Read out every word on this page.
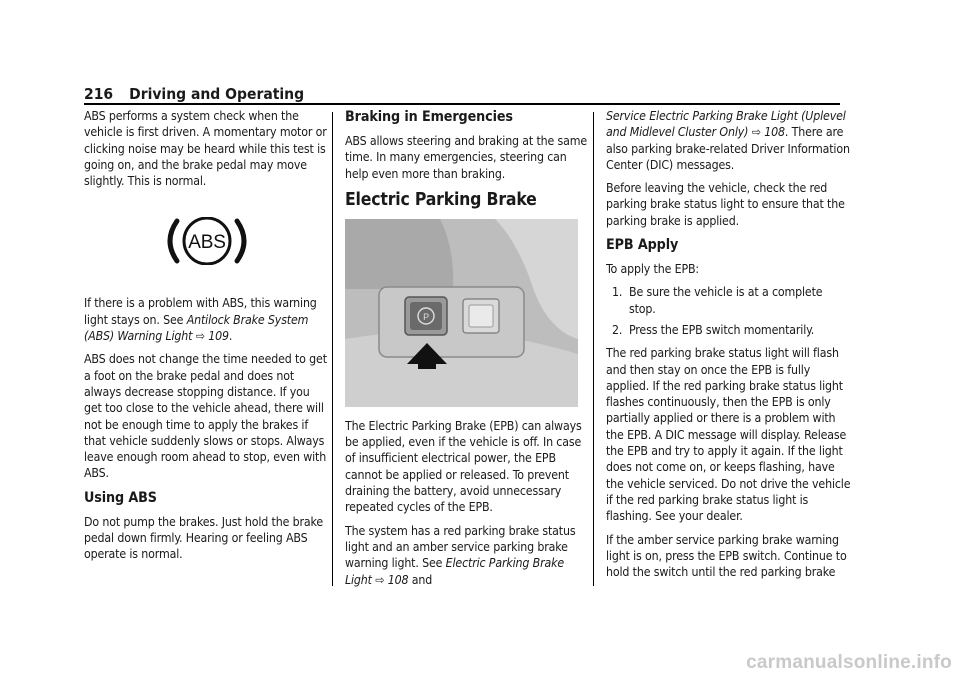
216 Driving and Operating

ABS performs a system check when the vehicle is first driven. A momentary motor or clicking noise may be heard while this test is going on, and the brake pedal may move slightly. This is normal.

ABS

If there is a problem with ABS, this warning light stays on. See Antilock Brake System (ABS) Warning Light ⇨ 109.

ABS does not change the time needed to get a foot on the brake pedal and does not always decrease stopping distance. If you get too close to the vehicle ahead, there will not be enough time to apply the brakes if that vehicle suddenly slows or stops. Always leave enough room ahead to stop, even with ABS.

Using ABS

Do not pump the brakes. Just hold the brake pedal down firmly. Hearing or feeling ABS operate is normal.

Braking in Emergencies

ABS allows steering and braking at the same time. In many emergencies, steering can help even more than braking.

Electric Parking Brake
P

The Electric Parking Brake (EPB) can always be applied, even if the vehicle is off. In case of insufficient electrical power, the EPB cannot be applied or released. To prevent draining the battery, avoid unnecessary repeated cycles of the EPB.

The system has a red parking brake status light and an amber service parking brake warning light. See Electric Parking Brake Light ⇨ 108 and

Service Electric Parking Brake Light (Uplevel and Midlevel Cluster Only) ⇨ 108. There are also parking brake-related Driver Information Center (DIC) messages.

Before leaving the vehicle, check the red parking brake status light to ensure that the parking brake is applied.

EPB Apply

To apply the EPB:

1. Be sure the vehicle is at a complete stop.
2. Press the EPB switch momentarily.

The red parking brake status light will flash and then stay on once the EPB is fully applied. If the red parking brake status light flashes continuously, then the EPB is only partially applied or there is a problem with the EPB. A DIC message will display. Release the EPB and try to apply it again. If the light does not come on, or keeps flashing, have the vehicle serviced. Do not drive the vehicle if the red parking brake status light is flashing. See your dealer.

If the amber service parking brake warning light is on, press the EPB switch. Continue to hold the switch until the red parking brake

carmanualsonline.info
